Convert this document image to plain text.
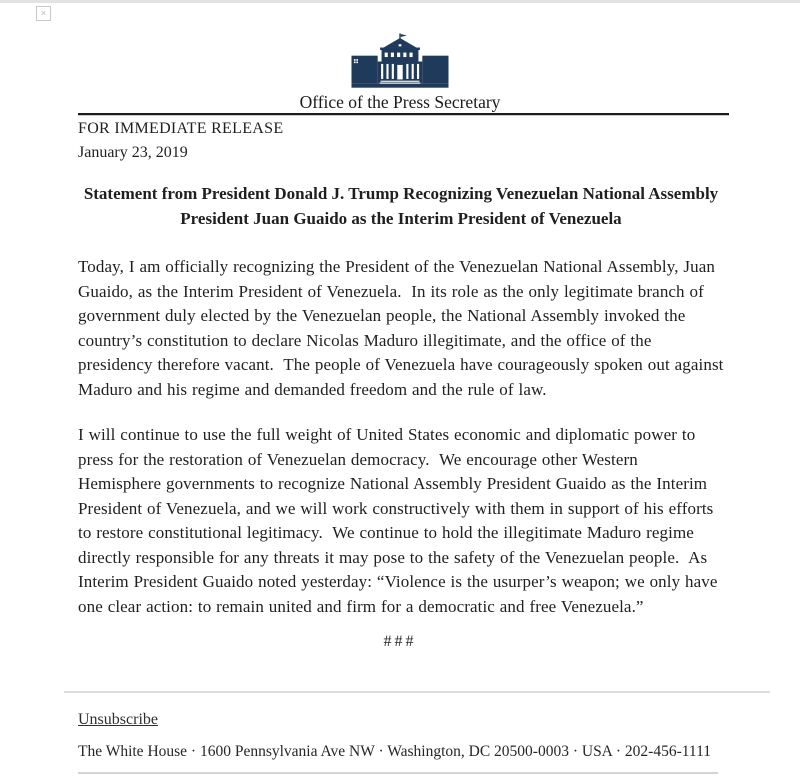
×
Office of the Press Secretary
FOR IMMEDIATE RELEASE
January 23, 2019
Statement from President Donald J. Trump Recognizing Venezuelan National Assembly President Juan Guaido as the Interim President of Venezuela

Today, I am officially recognizing the President of the Venezuelan National Assembly, Juan Guaido, as the Interim President of Venezuela.  In its role as the only legitimate branch of government duly elected by the Venezuelan people, the National Assembly invoked the country’s constitution to declare Nicolas Maduro illegitimate, and the office of the presidency therefore vacant.  The people of Venezuela have courageously spoken out against Maduro and his regime and demanded freedom and the rule of law.

I will continue to use the full weight of United States economic and diplomatic power to press for the restoration of Venezuelan democracy.  We encourage other Western Hemisphere governments to recognize National Assembly President Guaido as the Interim President of Venezuela, and we will work constructively with them in support of his efforts to restore constitutional legitimacy.  We continue to hold the illegitimate Maduro regime directly responsible for any threats it may pose to the safety of the Venezuelan people.  As Interim President Guaido noted yesterday: “Violence is the usurper’s weapon; we only have one clear action: to remain united and firm for a democratic and free Venezuela.”

###
Unsubscribe
The White House · 1600 Pennsylvania Ave NW · Washington, DC 20500-0003 · USA · 202-456-1111
